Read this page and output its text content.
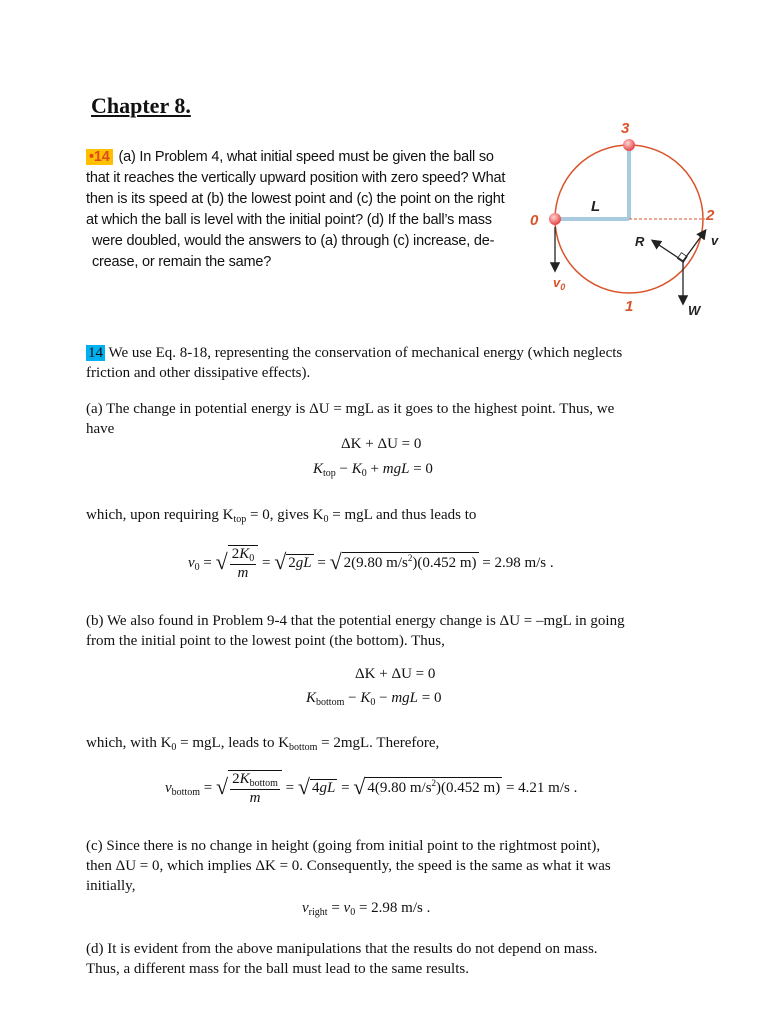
Chapter 8.
•14 (a) In Problem 4, what initial speed must be given the ball so
that it reaches the vertically upward position with zero speed? What
then is its speed at (b) the lowest point and (c) the point on the right
at which the ball is level with the initial point? (d) If the ball’s mass
were doubled, would the answers to (a) through (c) increase, de-
crease, or remain the same?
3
0	2
1
L
R	v
W
$v_0$
14 We use Eq. 8-18, representing the conservation of mechanical energy (which neglects
friction and other dissipative effects).
(a) The change in potential energy is ΔU = mgL as it goes to the highest point. Thus, we
have
ΔK + ΔU = 0
$K_{top} - K_0$ + mgL = 0
which, upon requiring $K_{top} = 0$, gives $K_0$ = mgL and thus leads to
$v_0$ = √ $\frac{2K_0}{m}$ = √ 2gL = √ 2(9.80 $m/s^2)(0.452$ m) = 2.98 m/s .
(b) We also found in Problem 9-4 that the potential energy change is ΔU = –mgL in going
from the initial point to the lowest point (the bottom). Thus,
ΔK + ΔU = 0
$K_{bottom} - K_0$ − mgL = 0
which, with $K_0$ = mgL, leads to $K_{bottom} = 2mgL$. Therefore,
$v_{bottom}$ = √ $\frac{2K_{bottom}}{m}$ = √ 4gL = √ 4(9.80 $m/s^2)(0.452$ m) = 4.21 m/s .
(c) Since there is no change in height (going from initial point to the rightmost point),
then ΔU = 0, which implies ΔK = 0. Consequently, the speed is the same as what it was
initially,
$v_{right} = v_0 = 2.98$ m/s .
(d) It is evident from the above manipulations that the results do not depend on mass.
Thus, a different mass for the ball must lead to the same results.
